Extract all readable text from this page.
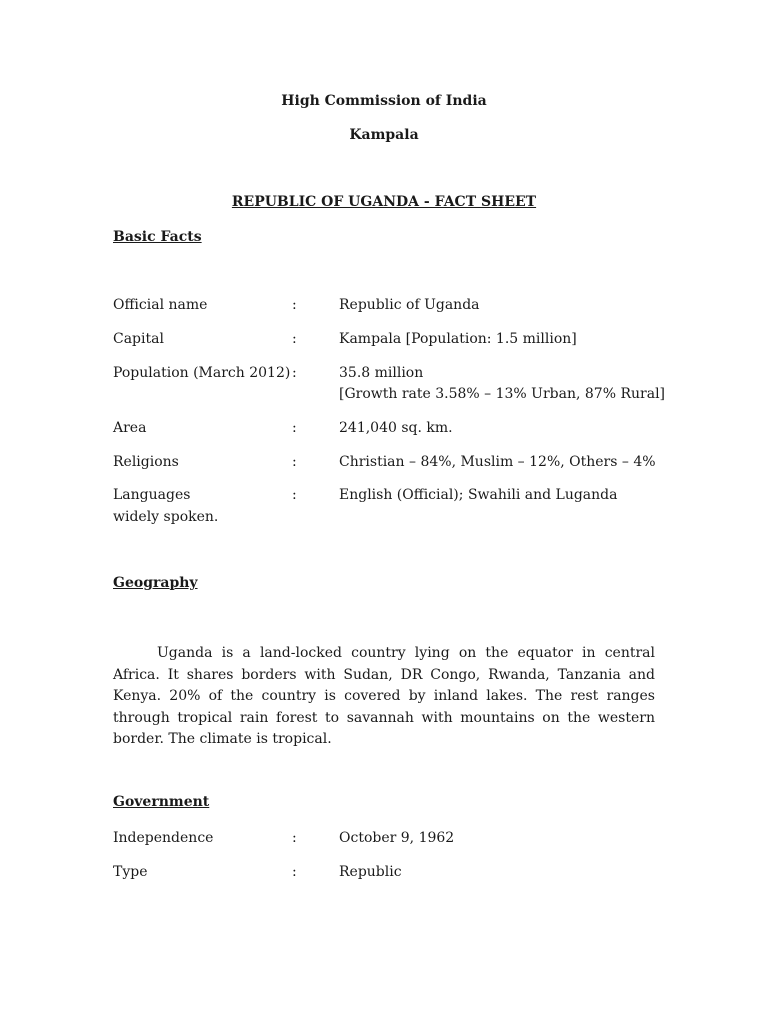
High Commission of India
Kampala
REPUBLIC OF UGANDA - FACT SHEET
Basic Facts
Official name	:	Republic of Uganda
Capital	:	Kampala [Population: 1.5 million]
Population (March 2012) :	35.8 million
[Growth rate 3.58% – 13% Urban, 87% Rural]
Area	:	241,040 sq. km.
Religions	:	Christian – 84%, Muslim – 12%, Others – 4%
Languages	:	English (Official); Swahili and Luganda
widely spoken.
Geography

Uganda is a land-locked country lying on the equator in central Africa. It shares borders with Sudan, DR Congo, Rwanda, Tanzania and Kenya. 20% of the country is covered by inland lakes. The rest ranges through tropical rain forest to savannah with mountains on the western border. The climate is tropical.

Government
Independence	:	October 9, 1962
Type	:	Republic
